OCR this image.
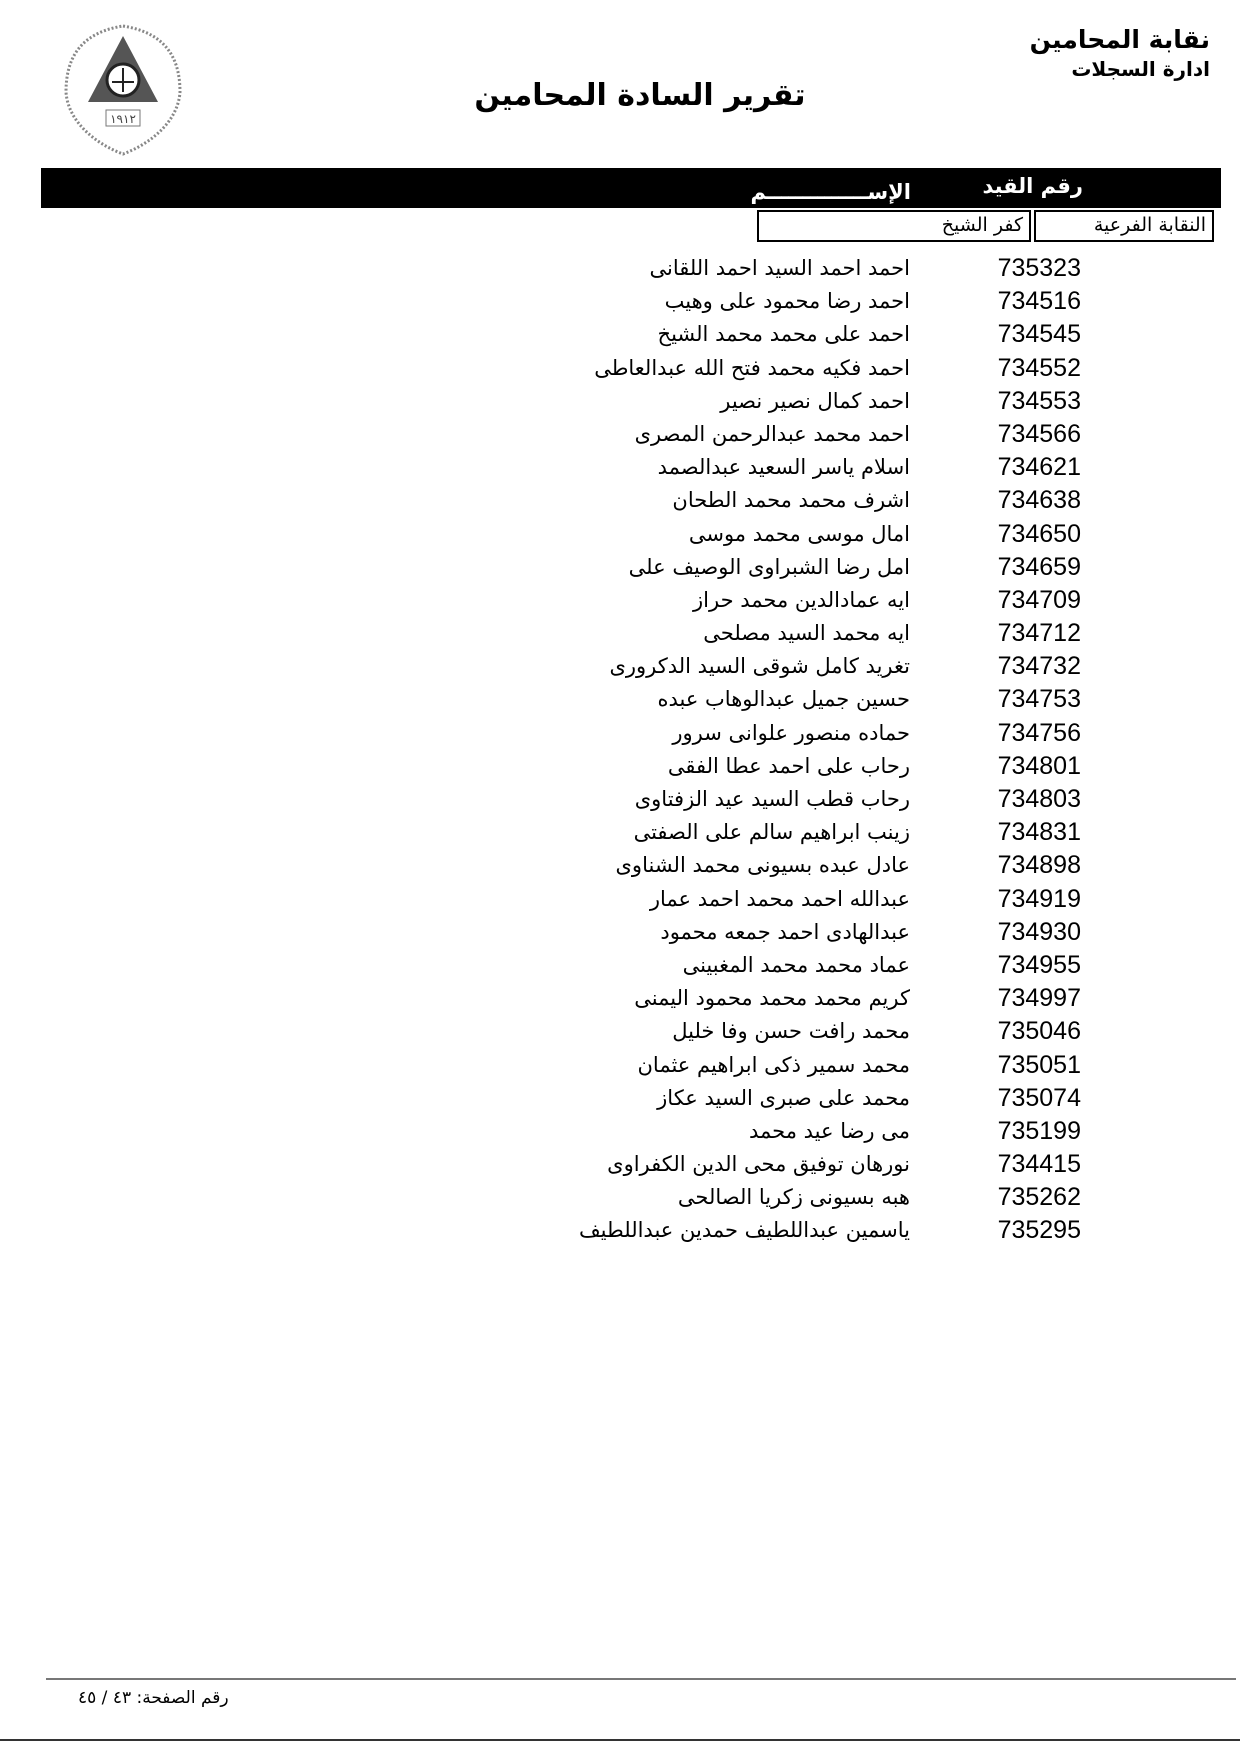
نقابة المحامين
ادارة السجلات
تقرير السادة المحامين
١٩١٢
رقم القيد
الإســــــــــــــم
النقابة الفرعية
كفر الشيخ
735323
احمد احمد السيد احمد اللقانى
734516
احمد رضا محمود على وهيب
734545
احمد على محمد محمد الشيخ
734552
احمد فكيه محمد فتح الله عبدالعاطى
734553
احمد كمال نصير نصير
734566
احمد محمد عبدالرحمن المصرى
734621
اسلام ياسر السعيد عبدالصمد
734638
اشرف محمد محمد الطحان
734650
امال موسى محمد موسى
734659
امل رضا الشبراوى الوصيف على
734709
ايه عمادالدين محمد حراز
734712
ايه محمد السيد مصلحى
734732
تغريد كامل شوقى السيد الدكرورى
734753
حسين جميل عبدالوهاب عبده
734756
حماده منصور علوانى سرور
734801
رحاب على احمد عطا الفقى
734803
رحاب قطب السيد عيد الزفتاوى
734831
زينب ابراهيم سالم على الصفتى
734898
عادل عبده بسيونى محمد الشناوى
734919
عبدالله احمد محمد احمد عمار
734930
عبدالهادى احمد جمعه محمود
734955
عماد محمد محمد المغبينى
734997
كريم محمد محمد محمود اليمنى
735046
محمد رافت حسن وفا خليل
735051
محمد سمير ذكى ابراهيم عثمان
735074
محمد على صبرى السيد عكاز
735199
مى رضا عيد محمد
734415
نورهان توفيق محى الدين الكفراوى
735262
هبه بسيونى زكريا الصالحى
735295
ياسمين عبداللطيف حمدين عبداللطيف
رقم الصفحة: ٤٣ / ٤٥
